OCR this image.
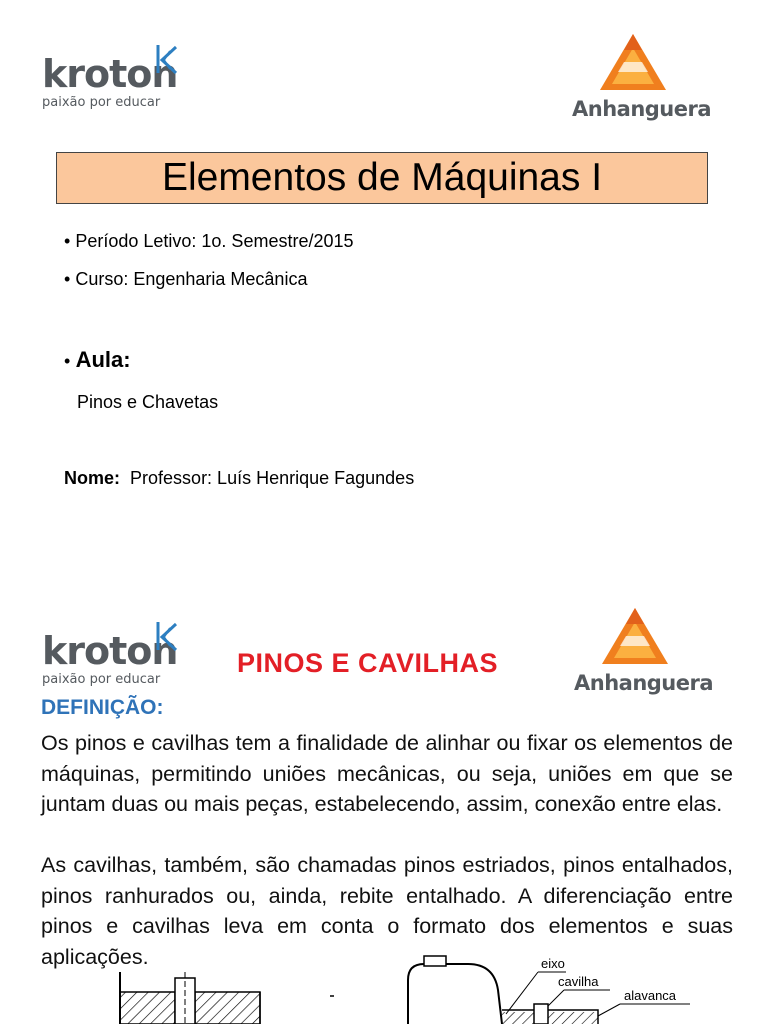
kroton
paixão por educar	Anhanguera
Elementos de Máquinas I
• Período Letivo: 1o. Semestre/2015
• Curso: Engenharia Mecânica
• Aula:
Pinos e Chavetas
Nome: Professor: Luís Henrique Fagundes
kroton
paixão por educar
PINOS E CAVILHAS
Anhanguera
DEFINIÇÃO:
Os pinos e cavilhas tem a finalidade de alinhar ou fixar os elementos de máquinas, permitindo uniões mecânicas, ou seja, uniões em que se juntam duas ou mais peças, estabelecendo, assim, conexão entre elas.
As cavilhas, também, são chamadas pinos estriados, pinos entalhados, pinos ranhurados ou, ainda, rebite entalhado. A diferenciação entre pinos e cavilhas leva em conta o formato dos elementos e suas aplicações.	eixo
cavilha
alavanca
